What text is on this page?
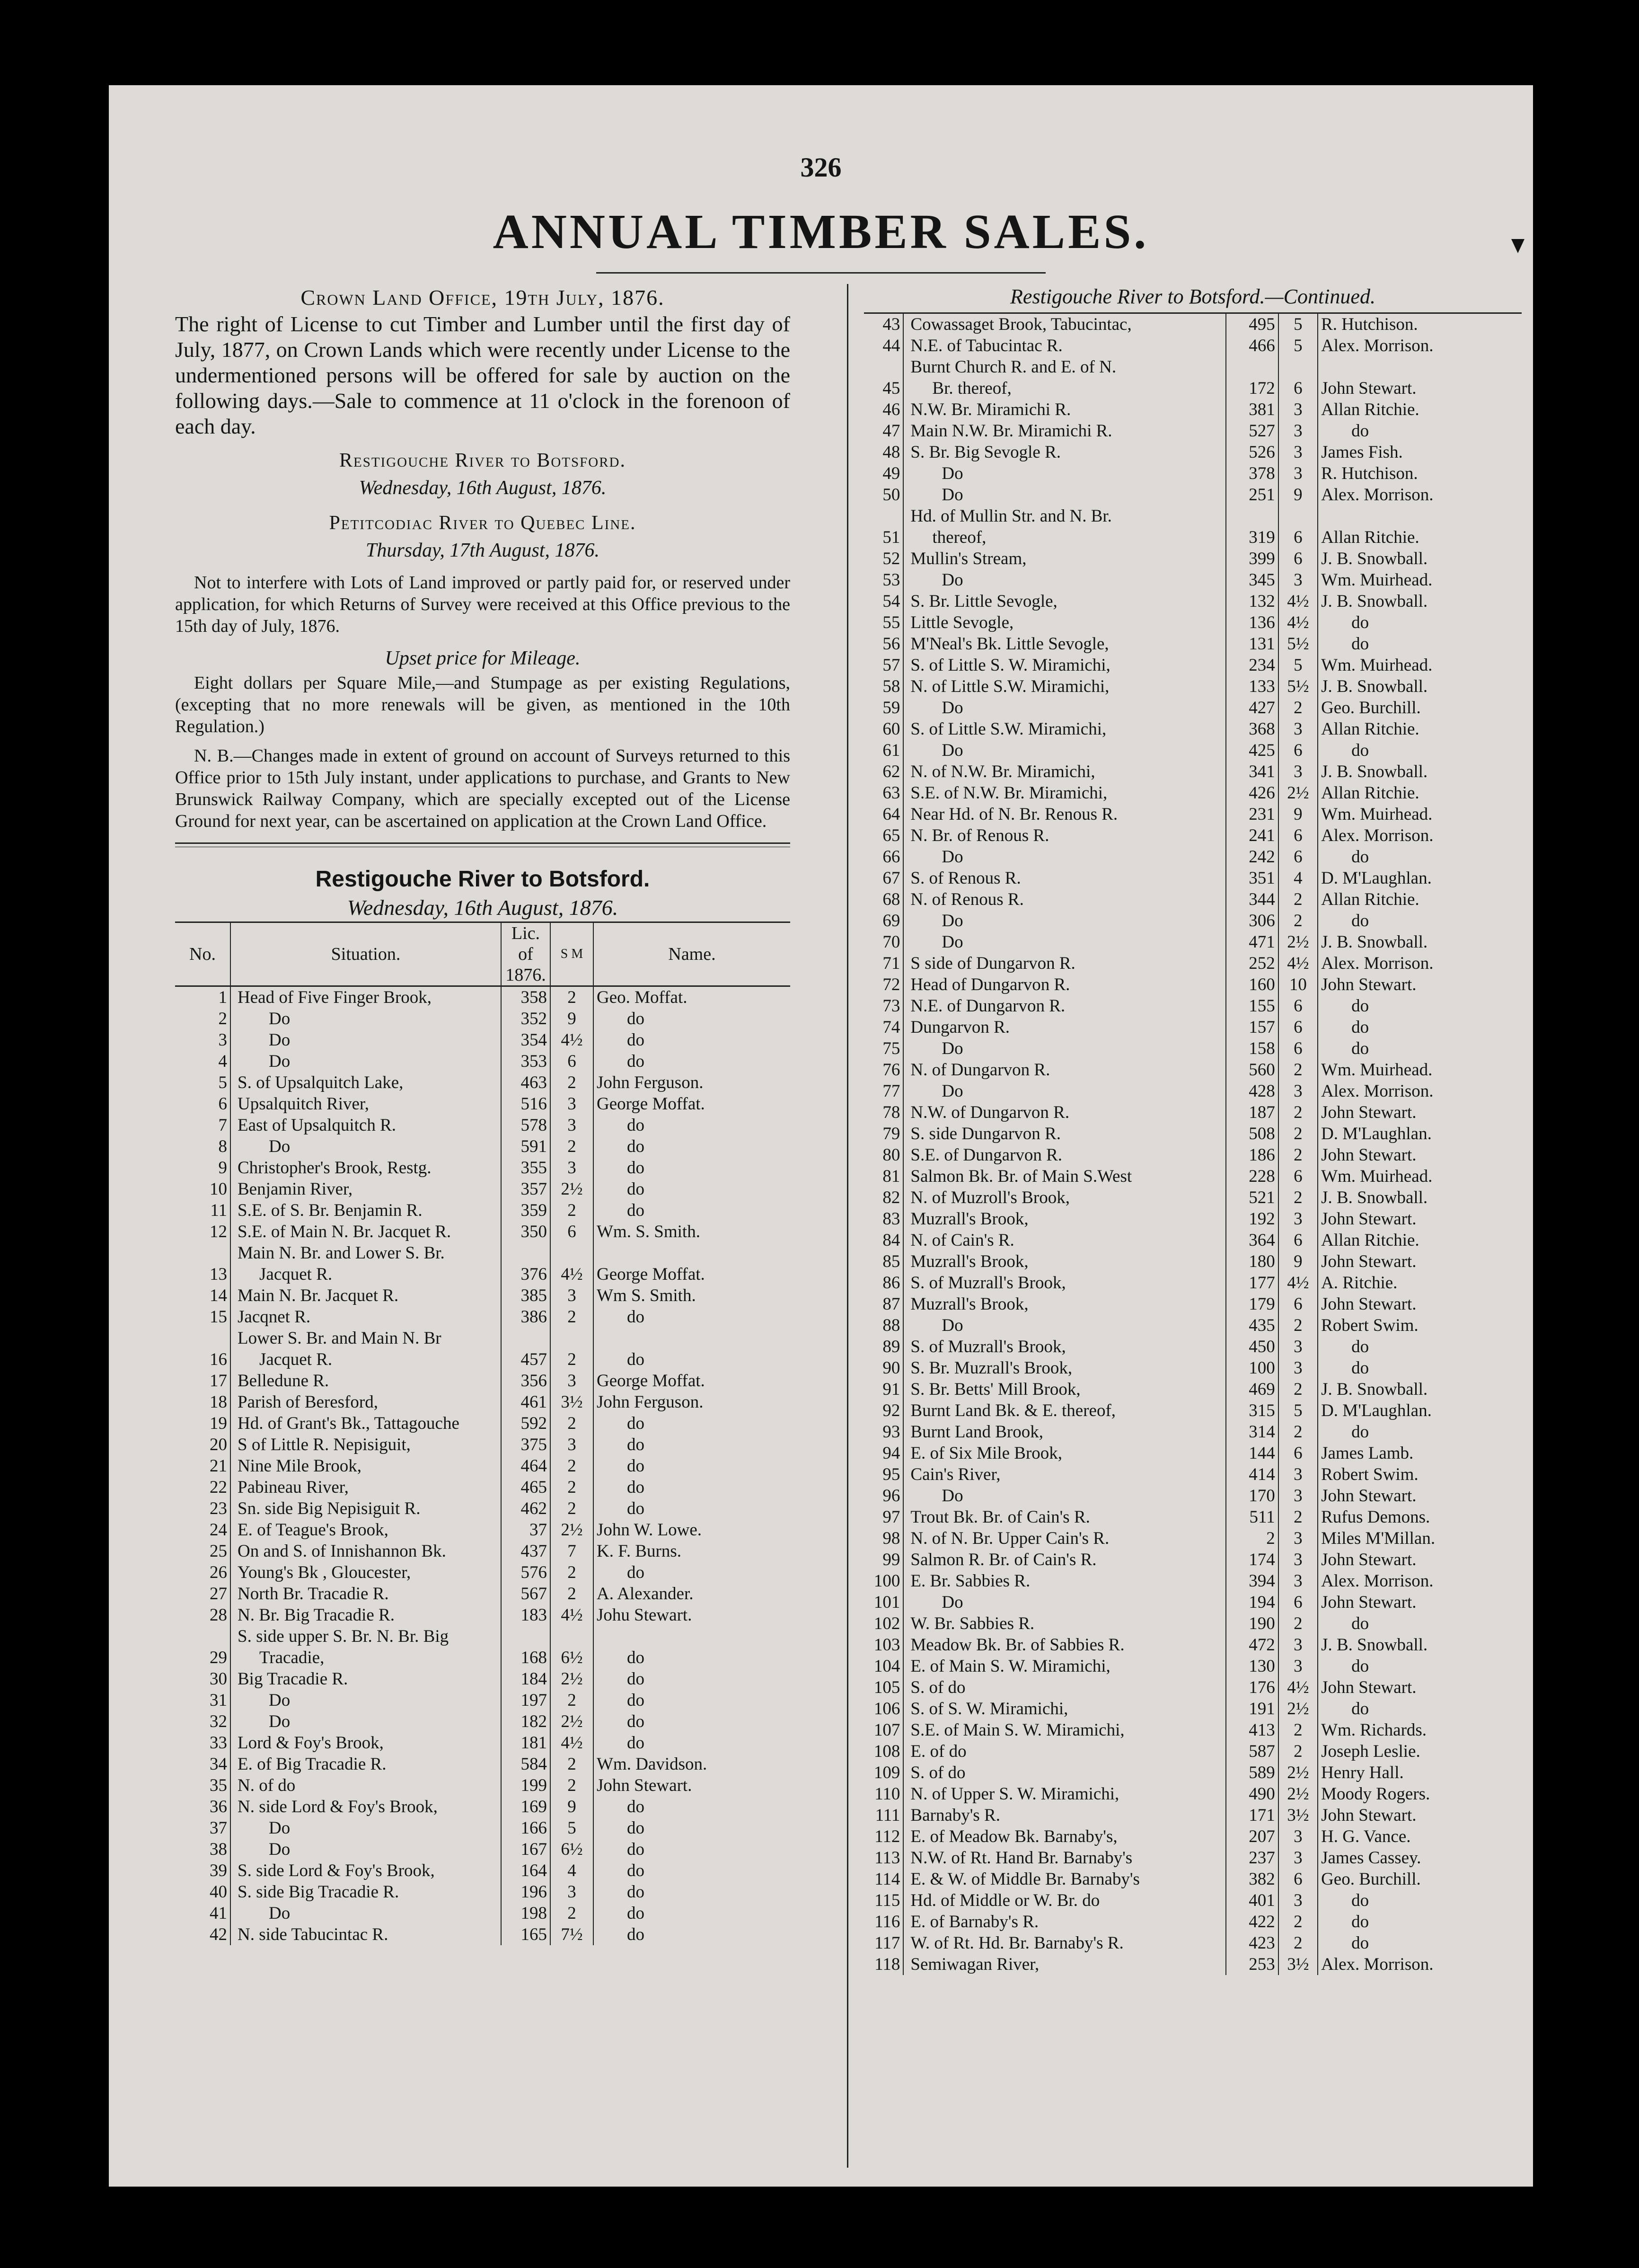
326
ANNUAL TIMBER SALES.

Crown Land Office, 19th July, 1876.

The right of License to cut Timber and Lumber until the first day of July, 1877, on Crown Lands which were recently under License to the undermentioned persons will be offered for sale by auction on the following days.—Sale to commence at 11 o'clock in the forenoon of each day.

Restigouche River to Botsford.

Wednesday, 16th August, 1876.

Petitcodiac River to Quebec Line.

Thursday, 17th August, 1876.

Not to interfere with Lots of Land improved or partly paid for, or reserved under application, for which Returns of Survey were received at this Office previous to the 15th day of July, 1876.

Upset price for Mileage.

Eight dollars per Square Mile,—and Stumpage as per existing Regulations, (excepting that no more renewals will be given, as mentioned in the 10th Regulation.)

N. B.—Changes made in extent of ground on account of Surveys returned to this Office prior to 15th July instant, under applications to purchase, and Grants to New Brunswick Railway Company, which are specially excepted out of the License Ground for next year, can be ascertained on application at the Crown Land Office.

Restigouche River to Botsford.

Wednesday, 16th August, 1876.

No.	Situation.	Lic. of 1876.	S M	Name.
1	Head of Five Finger Brook,	358	2	Geo. Moffat.
2	Do	352	9	do
3	Do	354	4½	do
4	Do	353	6	do
5	S. of Upsalquitch Lake,	463	2	John Ferguson.
6	Upsalquitch River,	516	3	George Moffat.
7	East of Upsalquitch R.	578	3	do
8	Do	591	2	do
9	Christopher's Brook, Restg.	355	3	do
10	Benjamin River,	357	2½	do
11	S.E. of S. Br. Benjamin R.	359	2	do
12	S.E. of Main N. Br. Jacquet R.	350	6	Wm. S. Smith.
	Main N. Br. and Lower S. Br.			
13	Jacquet R.	376	4½	George Moffat.
14	Main N. Br. Jacquet R.	385	3	Wm S. Smith.
15	Jacqnet R.	386	2	do
	Lower S. Br. and Main N. Br			
16	Jacquet R.	457	2	do
17	Belledune R.	356	3	George Moffat.
18	Parish of Beresford,	461	3½	John Ferguson.
19	Hd. of Grant's Bk., Tattagouche	592	2	do
20	S of Little R. Nepisiguit,	375	3	do
21	Nine Mile Brook,	464	2	do
22	Pabineau River,	465	2	do
23	Sn. side Big Nepisiguit R.	462	2	do
24	E. of Teague's Brook,	37	2½	John W. Lowe.
25	On and S. of Innishannon Bk.	437	7	K. F. Burns.
26	Young's Bk , Gloucester,	576	2	do
27	North Br. Tracadie R.	567	2	A. Alexander.
28	N. Br. Big Tracadie R.	183	4½	Johu Stewart.
	S. side upper S. Br. N. Br. Big			
29	Tracadie,	168	6½	do
30	Big Tracadie R.	184	2½	do
31	Do	197	2	do
32	Do	182	2½	do
33	Lord & Foy's Brook,	181	4½	do
34	E. of Big Tracadie R.	584	2	Wm. Davidson.
35	N. of do	199	2	John Stewart.
36	N. side Lord & Foy's Brook,	169	9	do
37	Do	166	5	do
38	Do	167	6½	do
39	S. side Lord & Foy's Brook,	164	4	do
40	S. side Big Tracadie R.	196	3	do
41	Do	198	2	do
42	N. side Tabucintac R.	165	7½	do

Restigouche River to Botsford.—Continued.

43	Cowassaget Brook, Tabucintac,	495	5	R. Hutchison.
44	N.E. of Tabucintac R.	466	5	Alex. Morrison.
	Burnt Church R. and E. of N.			
45	Br. thereof,	172	6	John Stewart.
46	N.W. Br. Miramichi R.	381	3	Allan Ritchie.
47	Main N.W. Br. Miramichi R.	527	3	do
48	S. Br. Big Sevogle R.	526	3	James Fish.
49	Do	378	3	R. Hutchison.
50	Do	251	9	Alex. Morrison.
	Hd. of Mullin Str. and N. Br.			
51	thereof,	319	6	Allan Ritchie.
52	Mullin's Stream,	399	6	J. B. Snowball.
53	Do	345	3	Wm. Muirhead.
54	S. Br. Little Sevogle,	132	4½	J. B. Snowball.
55	Little Sevogle,	136	4½	do
56	M'Neal's Bk. Little Sevogle,	131	5½	do
57	S. of Little S. W. Miramichi,	234	5	Wm. Muirhead.
58	N. of Little S.W. Miramichi,	133	5½	J. B. Snowball.
59	Do	427	2	Geo. Burchill.
60	S. of Little S.W. Miramichi,	368	3	Allan Ritchie.
61	Do	425	6	do
62	N. of N.W. Br. Miramichi,	341	3	J. B. Snowball.
63	S.E. of N.W. Br. Miramichi,	426	2½	Allan Ritchie.
64	Near Hd. of N. Br. Renous R.	231	9	Wm. Muirhead.
65	N. Br. of Renous R.	241	6	Alex. Morrison.
66	Do	242	6	do
67	S. of Renous R.	351	4	D. M'Laughlan.
68	N. of Renous R.	344	2	Allan Ritchie.
69	Do	306	2	do
70	Do	471	2½	J. B. Snowball.
71	S side of Dungarvon R.	252	4½	Alex. Morrison.
72	Head of Dungarvon R.	160	10	John Stewart.
73	N.E. of Dungarvon R.	155	6	do
74	Dungarvon R.	157	6	do
75	Do	158	6	do
76	N. of Dungarvon R.	560	2	Wm. Muirhead.
77	Do	428	3	Alex. Morrison.
78	N.W. of Dungarvon R.	187	2	John Stewart.
79	S. side Dungarvon R.	508	2	D. M'Laughlan.
80	S.E. of Dungarvon R.	186	2	John Stewart.
81	Salmon Bk. Br. of Main S.West	228	6	Wm. Muirhead.
82	N. of Muzroll's Brook,	521	2	J. B. Snowball.
83	Muzrall's Brook,	192	3	John Stewart.
84	N. of Cain's R.	364	6	Allan Ritchie.
85	Muzrall's Brook,	180	9	John Stewart.
86	S. of Muzrall's Brook,	177	4½	A. Ritchie.
87	Muzrall's Brook,	179	6	John Stewart.
88	Do	435	2	Robert Swim.
89	S. of Muzrall's Brook,	450	3	do
90	S. Br. Muzrall's Brook,	100	3	do
91	S. Br. Betts' Mill Brook,	469	2	J. B. Snowball.
92	Burnt Land Bk. & E. thereof,	315	5	D. M'Laughlan.
93	Burnt Land Brook,	314	2	do
94	E. of Six Mile Brook,	144	6	James Lamb.
95	Cain's River,	414	3	Robert Swim.
96	Do	170	3	John Stewart.
97	Trout Bk. Br. of Cain's R.	511	2	Rufus Demons.
98	N. of N. Br. Upper Cain's R.	2	3	Miles M'Millan.
99	Salmon R. Br. of Cain's R.	174	3	John Stewart.
100	E. Br. Sabbies R.	394	3	Alex. Morrison.
101	Do	194	6	John Stewart.
102	W. Br. Sabbies R.	190	2	do
103	Meadow Bk. Br. of Sabbies R.	472	3	J. B. Snowball.
104	E. of Main S. W. Miramichi,	130	3	do
105	S. of do	176	4½	John Stewart.
106	S. of S. W. Miramichi,	191	2½	do
107	S.E. of Main S. W. Miramichi,	413	2	Wm. Richards.
108	E. of do	587	2	Joseph Leslie.
109	S. of do	589	2½	Henry Hall.
110	N. of Upper S. W. Miramichi,	490	2½	Moody Rogers.
111	Barnaby's R.	171	3½	John Stewart.
112	E. of Meadow Bk. Barnaby's,	207	3	H. G. Vance.
113	N.W. of Rt. Hand Br. Barnaby's	237	3	James Cassey.
114	E. & W. of Middle Br. Barnaby's	382	6	Geo. Burchill.
115	Hd. of Middle or W. Br. do	401	3	do
116	E. of Barnaby's R.	422	2	do
117	W. of Rt. Hd. Br. Barnaby's R.	423	2	do
118	Semiwagan River,	253	3½	Alex. Morrison.
